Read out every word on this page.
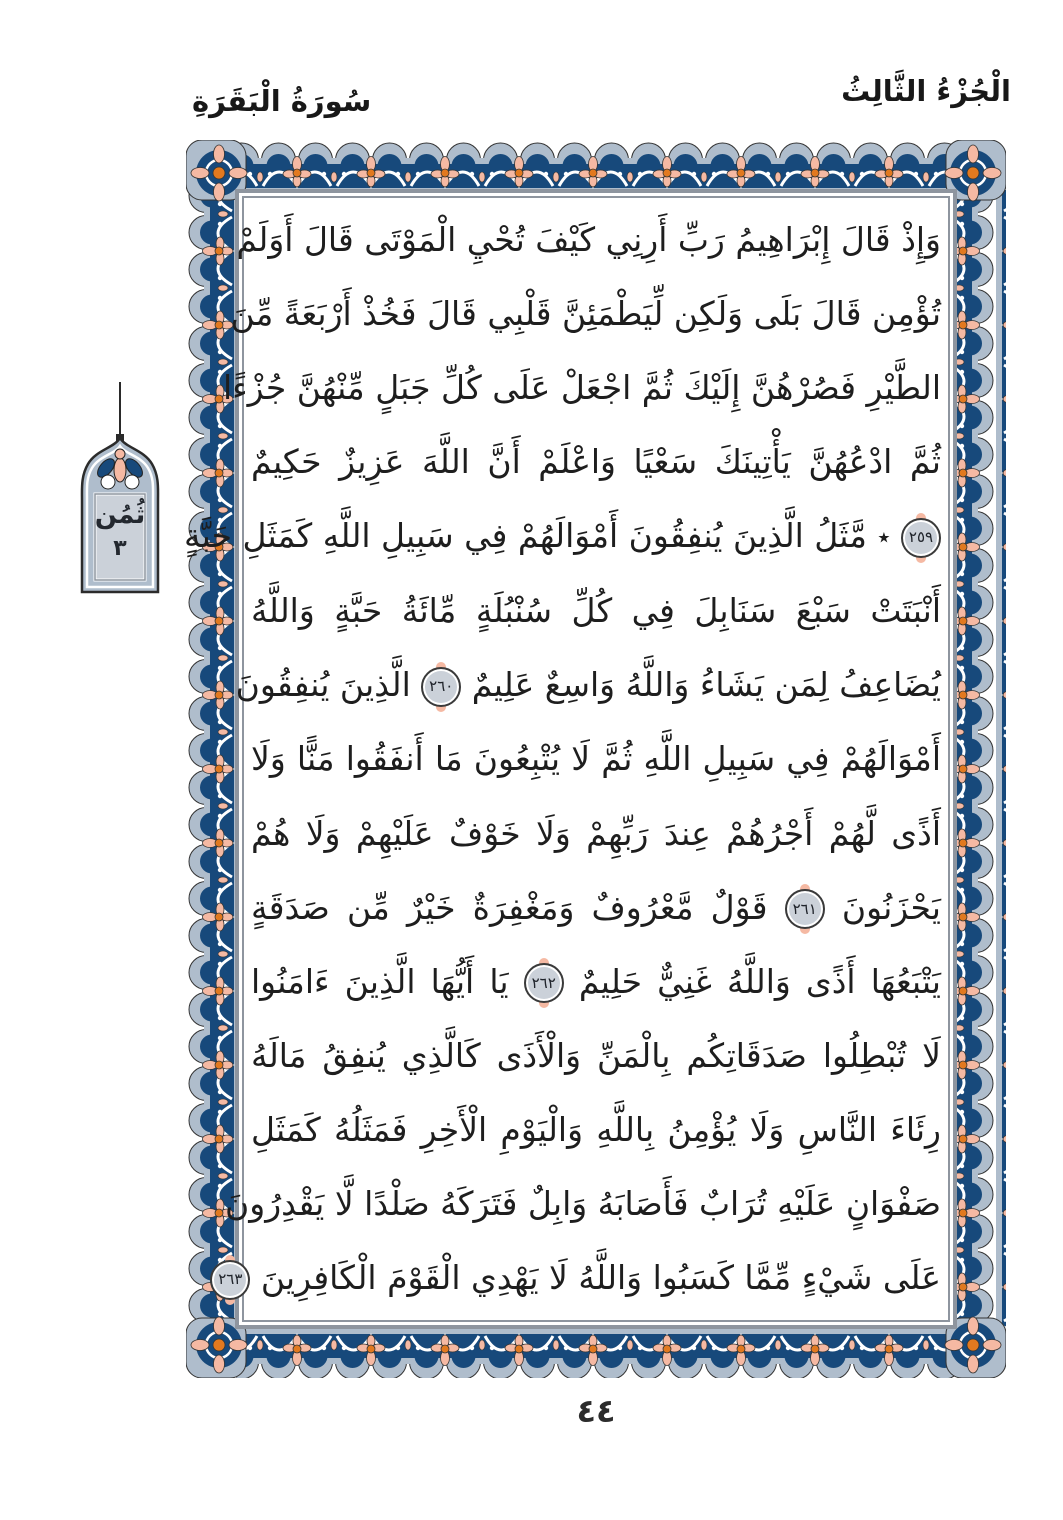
الْجُزْءُ الثَّالِثُ
سُورَةُ الْبَقَرَةِ
ثُمُن
٣
وَإِذْ قَالَ إِبْرَاهِيمُ رَبِّ أَرِنِي كَيْفَ تُحْيِ الْمَوْتَى قَالَ أَوَلَمْ
تُؤْمِن قَالَ بَلَى وَلَكِن لِّيَطْمَئِنَّ قَلْبِي قَالَ فَخُذْ أَرْبَعَةً مِّنَ
الطَّيْرِ فَصُرْهُنَّ إِلَيْكَ ثُمَّ اجْعَلْ عَلَى كُلِّ جَبَلٍ مِّنْهُنَّ جُزْءًا
ثُمَّ ادْعُهُنَّ يَأْتِينَكَ سَعْيًا وَاعْلَمْ أَنَّ اللَّهَ عَزِيزٌ حَكِيمٌ
٢٥٩ ٭ مَّثَلُ الَّذِينَ يُنفِقُونَ أَمْوَالَهُمْ فِي سَبِيلِ اللَّهِ كَمَثَلِ حَبَّةٍ
أَنْبَتَتْ سَبْعَ سَنَابِلَ فِي كُلِّ سُنْبُلَةٍ مِّائَةُ حَبَّةٍ وَاللَّهُ
يُضَاعِفُ لِمَن يَشَاءُ وَاللَّهُ وَاسِعٌ عَلِيمٌ ٢٦٠ الَّذِينَ يُنفِقُونَ
أَمْوَالَهُمْ فِي سَبِيلِ اللَّهِ ثُمَّ لَا يُتْبِعُونَ مَا أَنفَقُوا مَنًّا وَلَا
أَذًى لَّهُمْ أَجْرُهُمْ عِندَ رَبِّهِمْ وَلَا خَوْفٌ عَلَيْهِمْ وَلَا هُمْ
يَحْزَنُونَ ٢٦١ قَوْلٌ مَّعْرُوفٌ وَمَغْفِرَةٌ خَيْرٌ مِّن صَدَقَةٍ
يَتْبَعُهَا أَذًى وَاللَّهُ غَنِيٌّ حَلِيمٌ ٢٦٢ يَا أَيُّهَا الَّذِينَ ءَامَنُوا
لَا تُبْطِلُوا صَدَقَاتِكُم بِالْمَنِّ وَالْأَذَى كَالَّذِي يُنفِقُ مَالَهُ
رِئَاءَ النَّاسِ وَلَا يُؤْمِنُ بِاللَّهِ وَالْيَوْمِ الْأَخِرِ فَمَثَلُهُ كَمَثَلِ
صَفْوَانٍ عَلَيْهِ تُرَابٌ فَأَصَابَهُ وَابِلٌ فَتَرَكَهُ صَلْدًا لَّا يَقْدِرُونَ
عَلَى شَيْءٍ مِّمَّا كَسَبُوا وَاللَّهُ لَا يَهْدِي الْقَوْمَ الْكَافِرِينَ ٢٦٣
٤٤
